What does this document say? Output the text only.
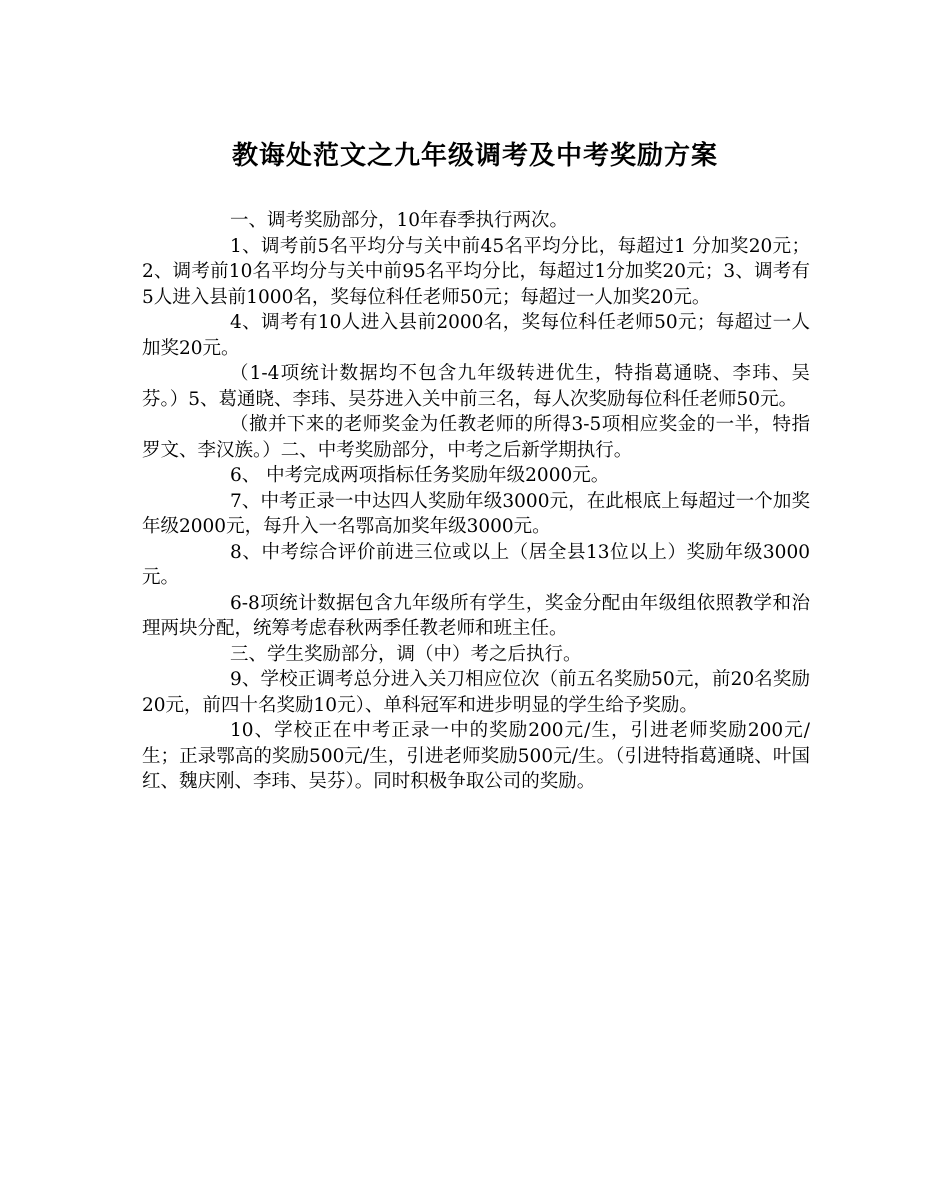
教诲处范文之九年级调考及中考奖励方案

一、调考奖励部分，10年春季执行两次。

1、调考前5名平均分与关中前45名平均分比，每超过1 分加奖20元；2、调考前10名平均分与关中前95名平均分比，每超过1分加奖20元；3、调考有5人进入县前1000名，奖每位科任老师50元；每超过一人加奖20元。

4、调考有10人进入县前2000名，奖每位科任老师50元；每超过一人加奖20元。

（1-4项统计数据均不包含九年级转进优生，特指葛通晓、李玮、吴芬。）5、葛通晓、李玮、吴芬进入关中前三名，每人次奖励每位科任老师50元。

（撤并下来的老师奖金为任教老师的所得3-5项相应奖金的一半，特指罗文、李汉族。）二、中考奖励部分，中考之后新学期执行。

6、 中考完成两项指标任务奖励年级2000元。

7、中考正录一中达四人奖励年级3000元，在此根底上每超过一个加奖年级2000元，每升入一名鄂高加奖年级3000元。

8、中考综合评价前进三位或以上（居全县13位以上）奖励年级3000元。

6-8项统计数据包含九年级所有学生，奖金分配由年级组依照教学和治理两块分配，统筹考虑春秋两季任教老师和班主任。

三、学生奖励部分，调（中）考之后执行。

9、学校正调考总分进入关刀相应位次（前五名奖励50元，前20名奖励20元，前四十名奖励10元）、单科冠军和进步明显的学生给予奖励。

10、学校正在中考正录一中的奖励200元/生，引进老师奖励200元/生；正录鄂高的奖励500元/生，引进老师奖励500元/生。（引进特指葛通晓、叶国红、魏庆刚、李玮、吴芬）。同时积极争取公司的奖励。
